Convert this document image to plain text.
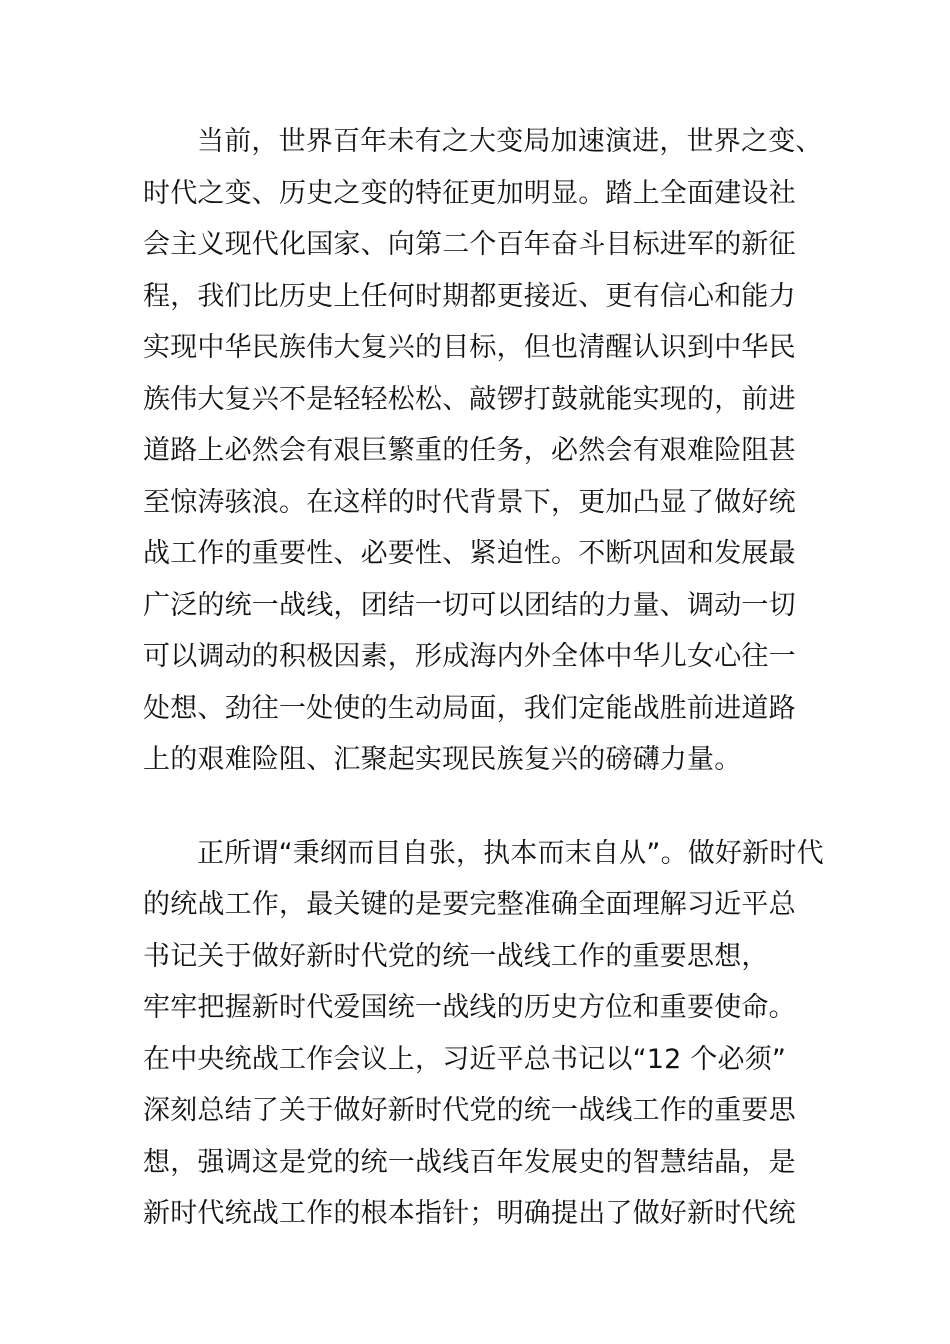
当前，世界百年未有之大变局加速演进，世界之变、
时代之变、历史之变的特征更加明显。踏上全面建设社
会主义现代化国家、向第二个百年奋斗目标进军的新征
程，我们比历史上任何时期都更接近、更有信心和能力
实现中华民族伟大复兴的目标，但也清醒认识到中华民
族伟大复兴不是轻轻松松、敲锣打鼓就能实现的，前进
道路上必然会有艰巨繁重的任务，必然会有艰难险阻甚
至惊涛骇浪。在这样的时代背景下，更加凸显了做好统
战工作的重要性、必要性、紧迫性。不断巩固和发展最
广泛的统一战线，团结一切可以团结的力量、调动一切
可以调动的积极因素，形成海内外全体中华儿女心往一
处想、劲往一处使的生动局面，我们定能战胜前进道路
上的艰难险阻、汇聚起实现民族复兴的磅礴力量。
正所谓“秉纲而目自张，执本而末自从”。做好新时代
的统战工作，最关键的是要完整准确全面理解习近平总
书记关于做好新时代党的统一战线工作的重要思想，
牢牢把握新时代爱国统一战线的历史方位和重要使命。
在中央统战工作会议上，习近平总书记以“12 个必须”
深刻总结了关于做好新时代党的统一战线工作的重要思
想，强调这是党的统一战线百年发展史的智慧结晶，是
新时代统战工作的根本指针；明确提出了做好新时代统
